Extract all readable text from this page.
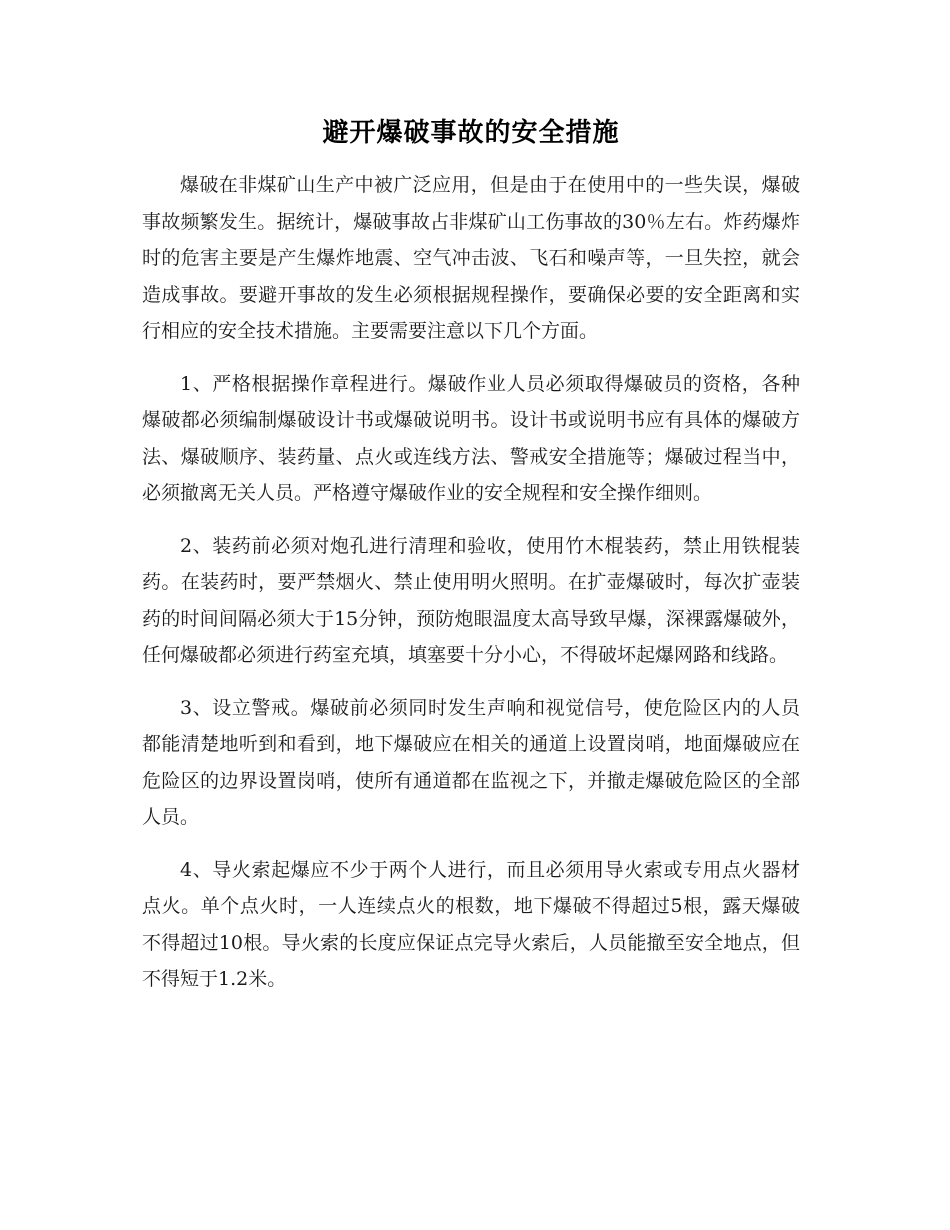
避开爆破事故的安全措施

爆破在非煤矿山生产中被广泛应用，但是由于在使用中的一些失误，爆破事故频繁发生。据统计，爆破事故占非煤矿山工伤事故的30％左右。炸药爆炸时的危害主要是产生爆炸地震、空气冲击波、飞石和噪声等，一旦失控，就会造成事故。要避开事故的发生必须根据规程操作，要确保必要的安全距离和实行相应的安全技术措施。主要需要注意以下几个方面。

1、严格根据操作章程进行。爆破作业人员必须取得爆破员的资格，各种爆破都必须编制爆破设计书或爆破说明书。设计书或说明书应有具体的爆破方法、爆破顺序、装药量、点火或连线方法、警戒安全措施等；爆破过程当中，必须撤离无关人员。严格遵守爆破作业的安全规程和安全操作细则。

2、装药前必须对炮孔进行清理和验收，使用竹木棍装药，禁止用铁棍装药。在装药时，要严禁烟火、禁止使用明火照明。在扩壶爆破时，每次扩壶装药的时间间隔必须大于15分钟，预防炮眼温度太高导致早爆，深裸露爆破外，任何爆破都必须进行药室充填，填塞要十分小心，不得破坏起爆网路和线路。

3、设立警戒。爆破前必须同时发生声响和视觉信号，使危险区内的人员都能清楚地听到和看到，地下爆破应在相关的通道上设置岗哨，地面爆破应在危险区的边界设置岗哨，使所有通道都在监视之下，并撤走爆破危险区的全部人员。

4、导火索起爆应不少于两个人进行，而且必须用导火索或专用点火器材点火。单个点火时，一人连续点火的根数，地下爆破不得超过5根，露天爆破不得超过10根。导火索的长度应保证点完导火索后，人员能撤至安全地点，但不得短于1.2米。
